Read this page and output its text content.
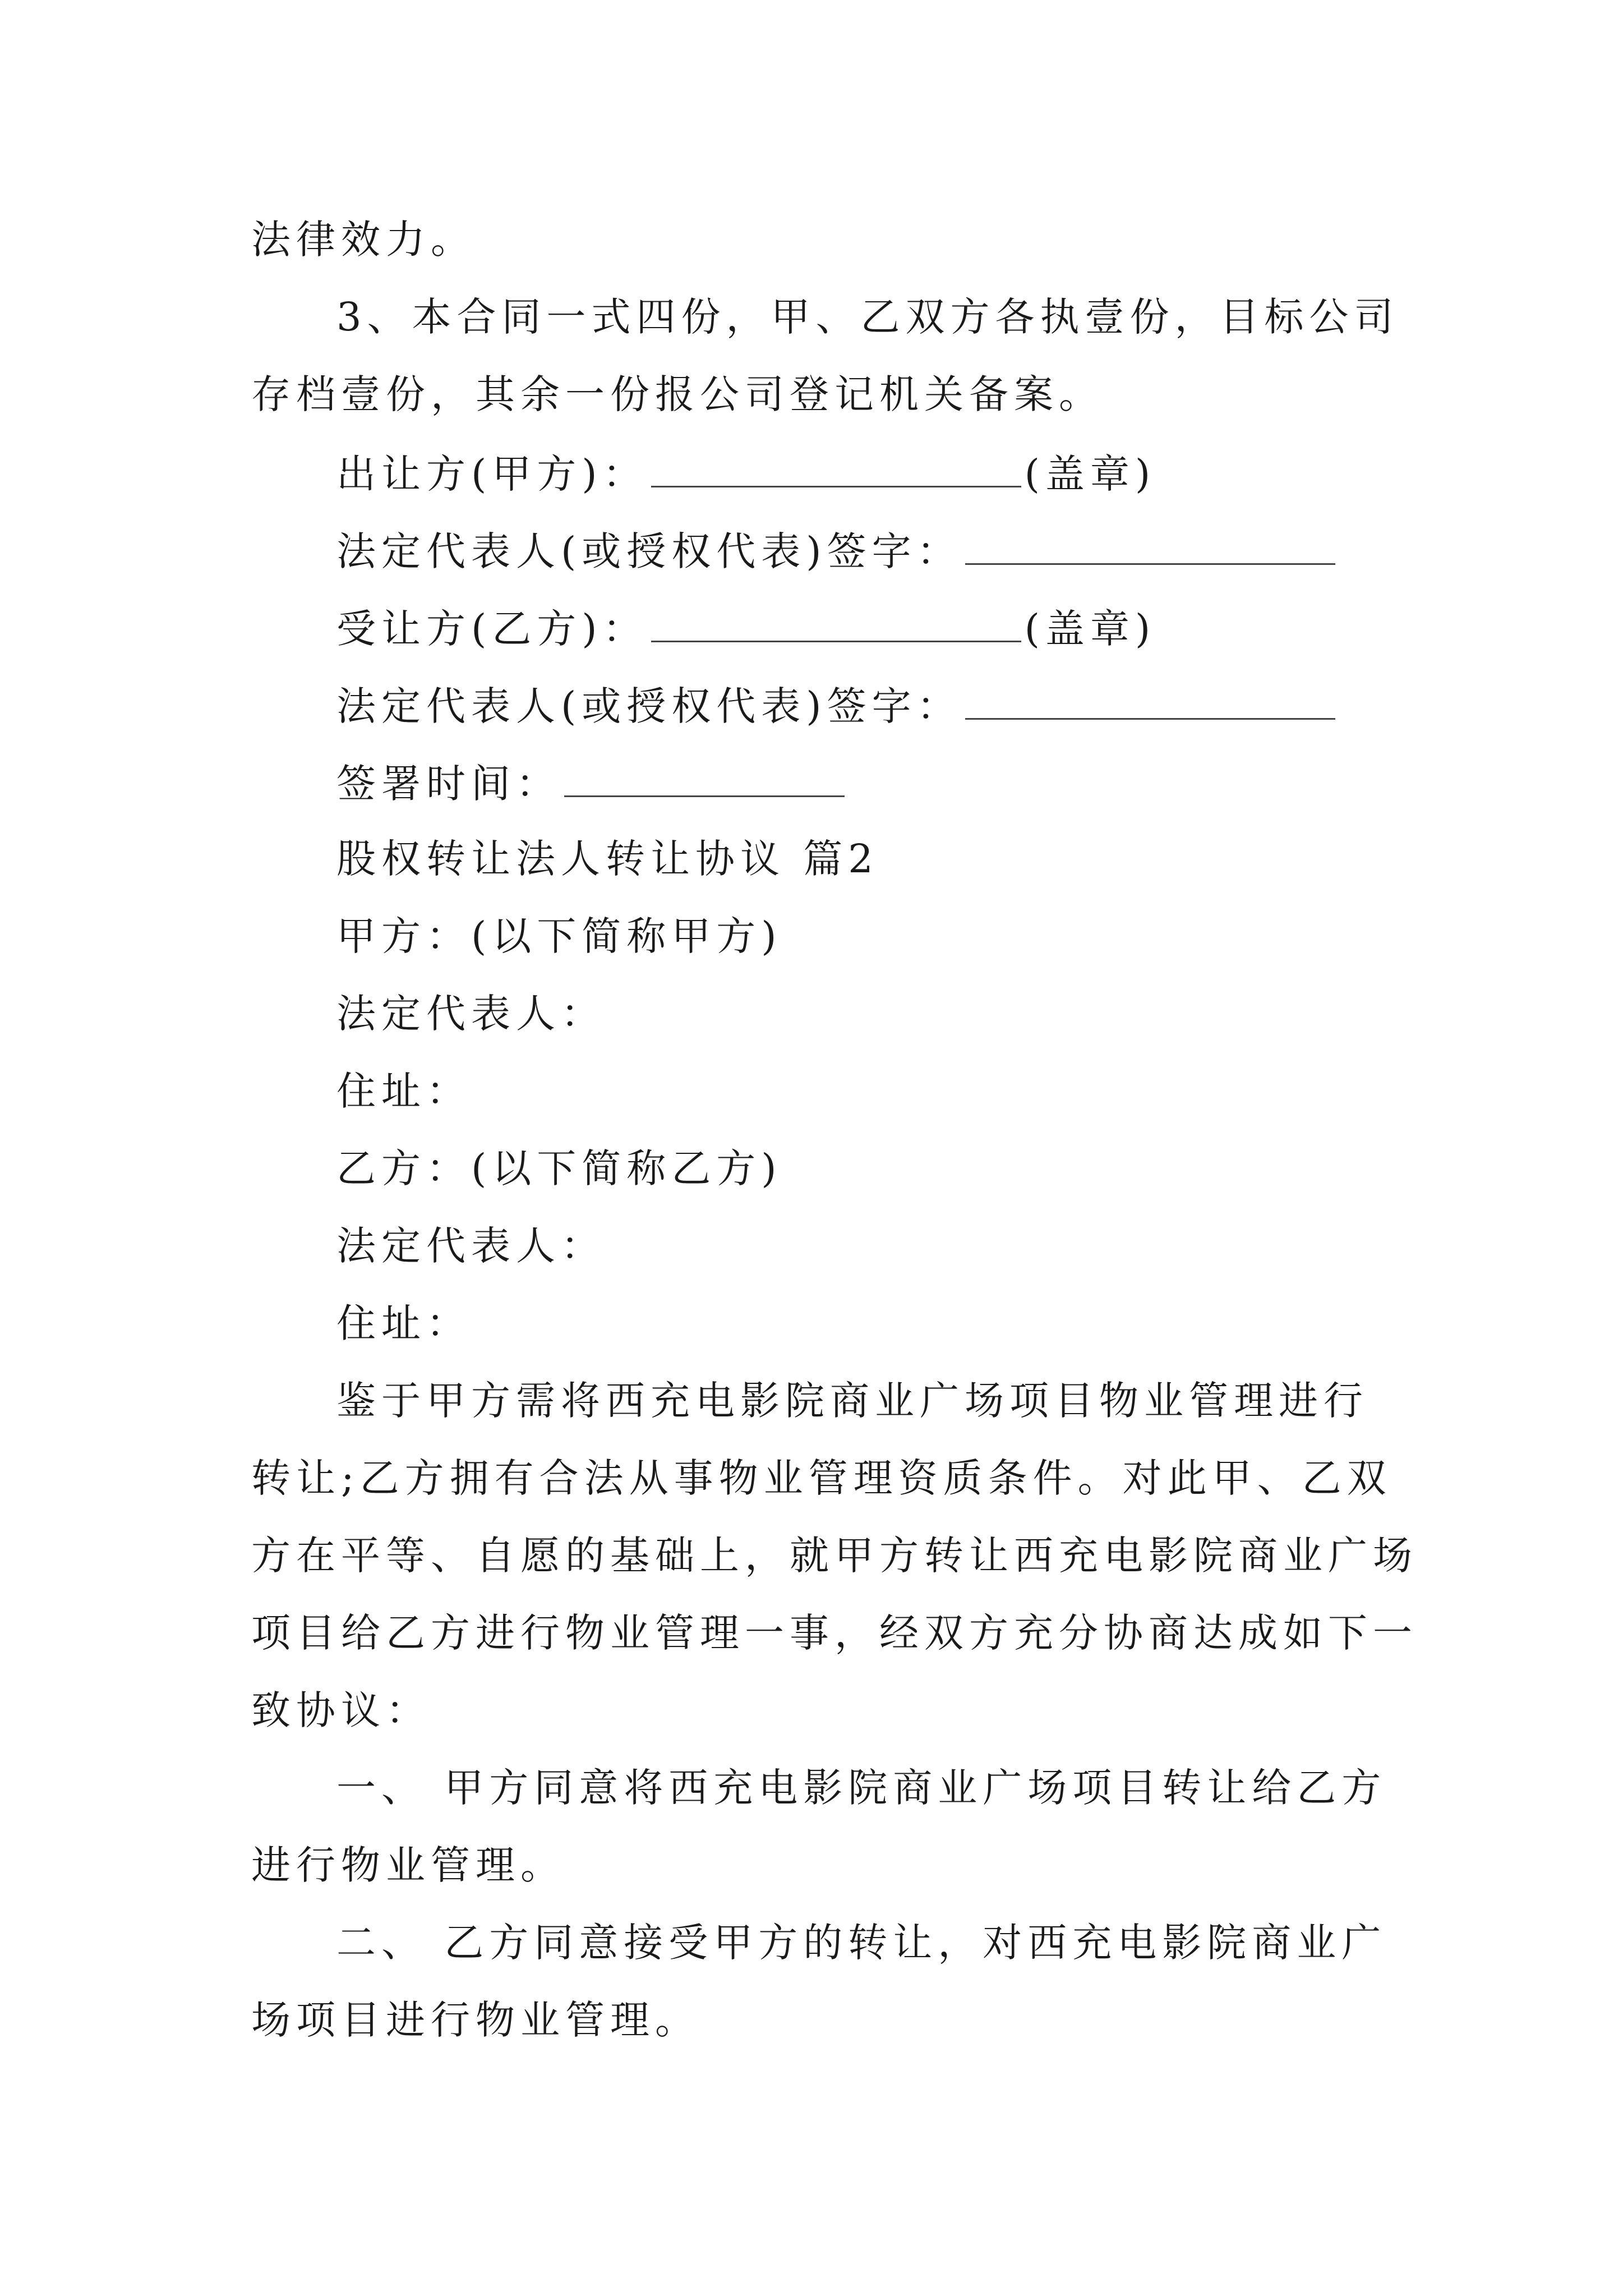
法律效力。
3、本合同一式四份，甲、乙双方各执壹份，目标公司
存档壹份，其余一份报公司登记机关备案。
出让方(甲方)：	(盖章)
法定代表人(或授权代表)签字：
受让方(乙方)：	(盖章)
法定代表人(或授权代表)签字：
签署时间：
股权转让法人转让协议 篇2
甲方：(以下简称甲方)
法定代表人：
住址：
乙方：(以下简称乙方)
法定代表人：
住址：
鉴于甲方需将西充电影院商业广场项目物业管理进行
转让;乙方拥有合法从事物业管理资质条件。对此甲、乙双
方在平等、自愿的基础上，就甲方转让西充电影院商业广场
项目给乙方进行物业管理一事，经双方充分协商达成如下一
致协议：
一、 甲方同意将西充电影院商业广场项目转让给乙方
进行物业管理。
二、 乙方同意接受甲方的转让，对西充电影院商业广
场项目进行物业管理。
